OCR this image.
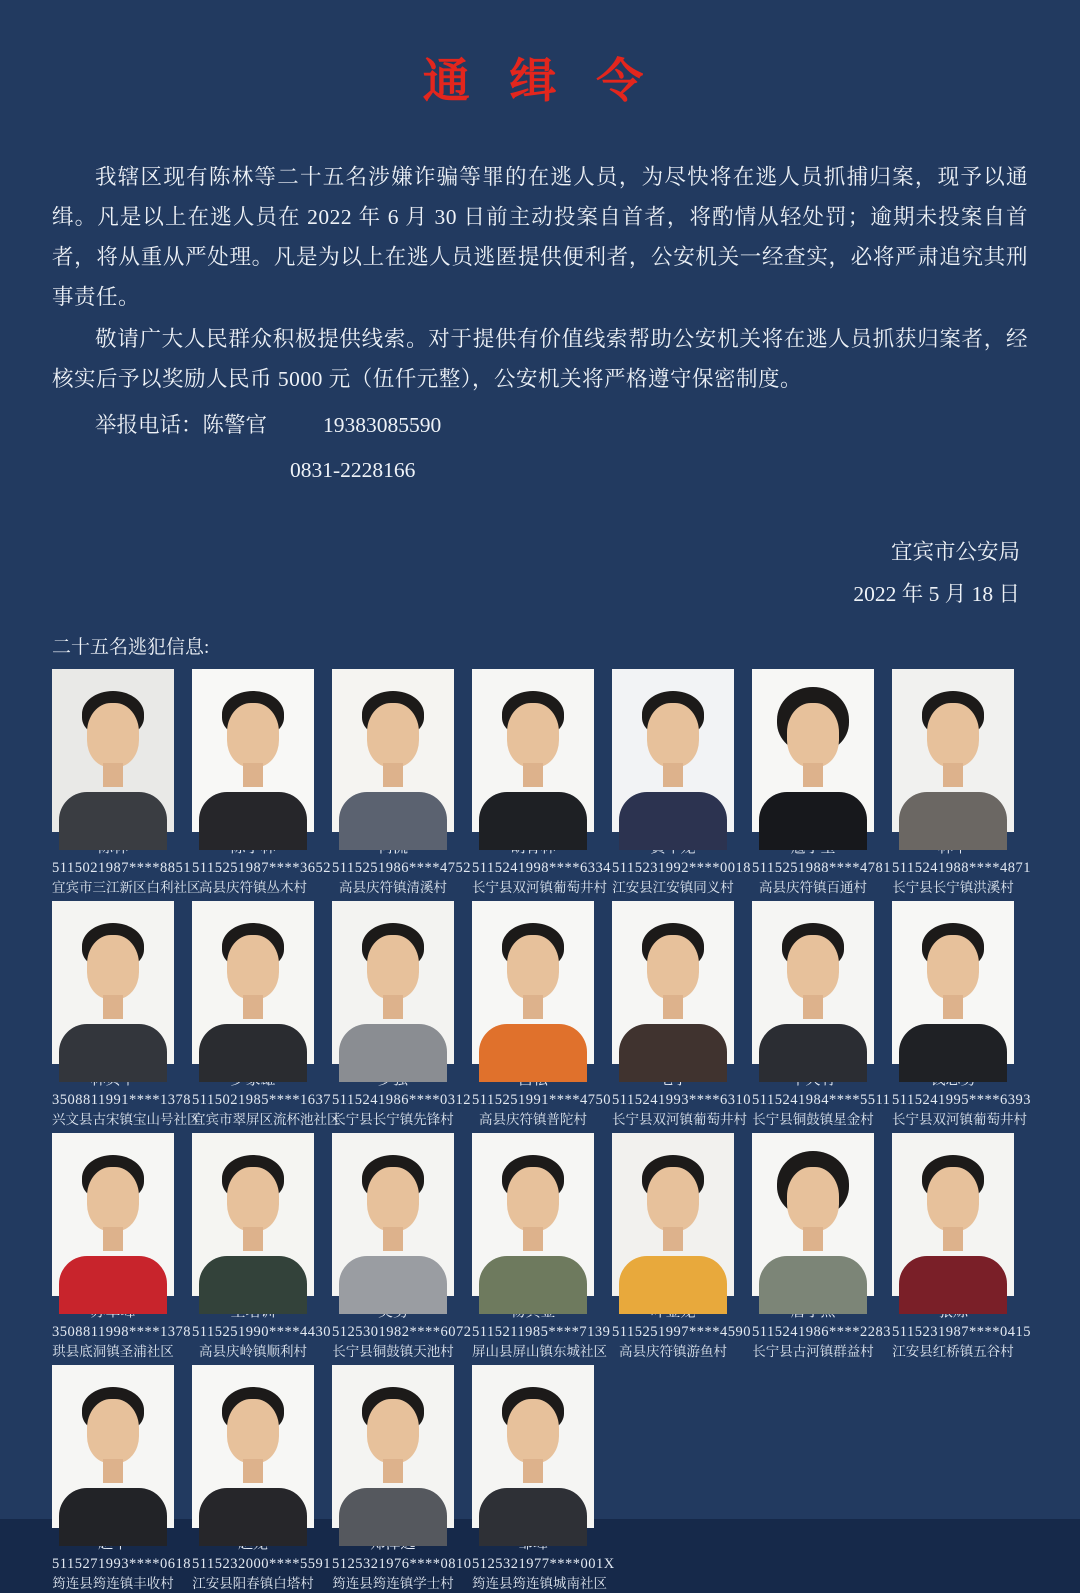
通 缉 令

我辖区现有陈林等二十五名涉嫌诈骗等罪的在逃人员，为尽快将在逃人员抓捕归案，现予以通缉。凡是以上在逃人员在 2022 年 6 月 30 日前主动投案自首者，将酌情从轻处罚；逾期未投案自首者，将从重从严处理。凡是为以上在逃人员逃匿提供便利者，公安机关一经查实，必将严肃追究其刑事责任。

敬请广大人民群众积极提供线索。对于提供有价值线索帮助公安机关将在逃人员抓获归案者，经核实后予以奖励人民币 5000 元（伍仟元整），公安机关将严格遵守保密制度。

举报电话：陈警官	19383085590

0831-2228166

宜宾市公安局

2022 年 5 月 18 日

二十五名逃犯信息:

5115021987****8851
宜宾市三江新区白利社区
5115251987****3652
高县庆符镇丛木村
5115251986****4752
高县庆符镇清溪村
5115241998****6334
长宁县双河镇葡萄井村
5115231992****0018
江安县江安镇同义村
5115251988****4781
高县庆符镇百通村
5115241988****4871
长宁县长宁镇洪溪村
3508811991****1378
兴文县古宋镇宝山号社区
5115021985****1637
宜宾市翠屏区流杯池社区
5115241986****0312
长宁县长宁镇先锋村
5115251991****4750
高县庆符镇普陀村
5115241993****6310
长宁县双河镇葡萄井村
5115241984****5511
长宁县铜鼓镇星金村
5115241995****6393
长宁县双河镇葡萄井村
3508811998****1378
珙县底洞镇圣浦社区
5115251990****4430
高县庆岭镇顺利村
5125301982****6072
长宁县铜鼓镇天池村
5115211985****7139
屏山县屏山镇东城社区
5115251997****4590
高县庆符镇游鱼村
5115241986****2283
长宁县古河镇群益村
5115231987****0415
江安县红桥镇五谷村
5115271993****0618
筠连县筠连镇丰收村
5115232000****5591
江安县阳春镇白塔村
5125321976****0810
筠连县筠连镇学士村
5125321977****001X
筠连县筠连镇城南社区
